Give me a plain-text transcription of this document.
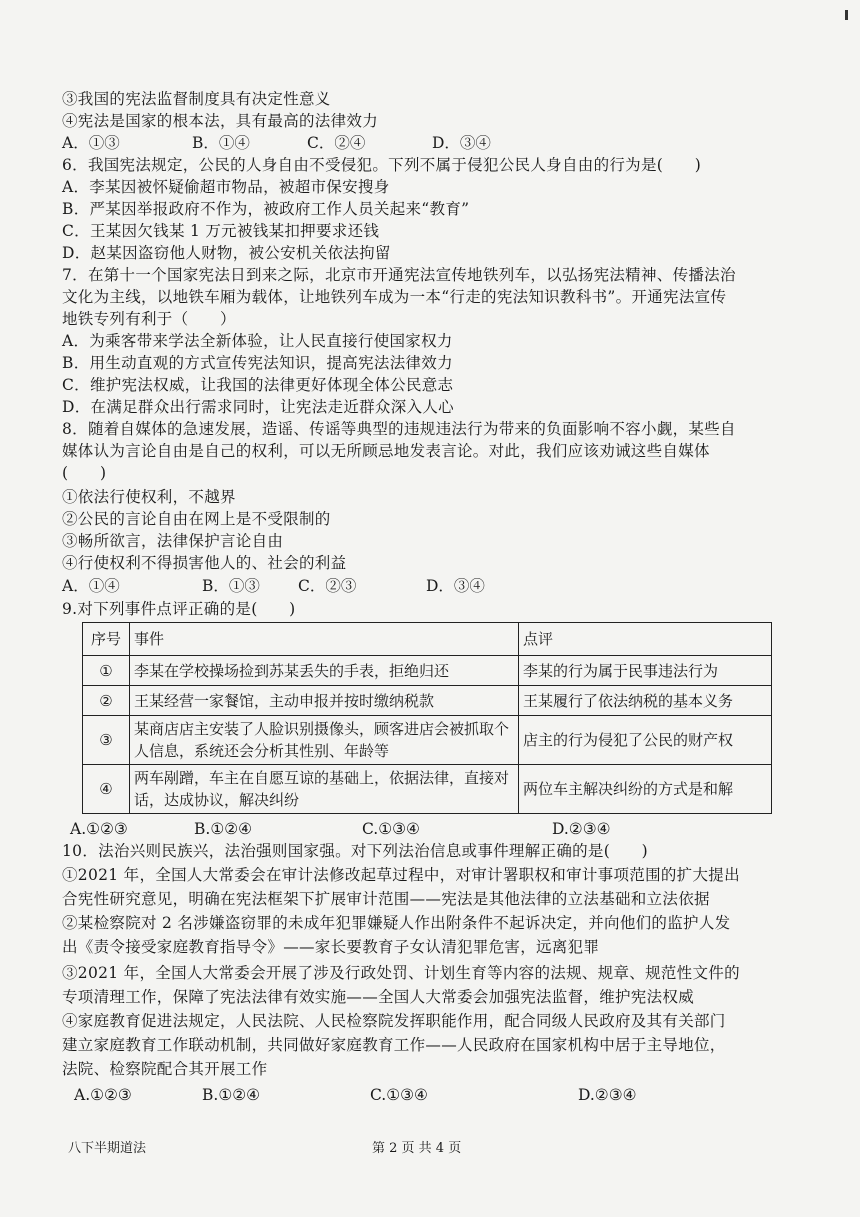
③我国的宪法监督制度具有决定性意义
④宪法是国家的根本法，具有最高的法律效力
A．①③	B．①④	C．②④	D．③④
6．我国宪法规定，公民的人身自由不受侵犯。下列不属于侵犯公民人身自由的行为是(　　)
A．李某因被怀疑偷超市物品，被超市保安搜身
B．严某因举报政府不作为，被政府工作人员关起来“教育”
C．王某因欠钱某 1 万元被钱某扣押要求还钱
D．赵某因盗窃他人财物，被公安机关依法拘留
7．在第十一个国家宪法日到来之际，北京市开通宪法宣传地铁列车，以弘扬宪法精神、传播法治
文化为主线，以地铁车厢为载体，让地铁列车成为一本“行走的宪法知识教科书”。开通宪法宣传
地铁专列有利于（　　）
A．为乘客带来学法全新体验，让人民直接行使国家权力
B．用生动直观的方式宣传宪法知识，提高宪法法律效力
C．维护宪法权威，让我国的法律更好体现全体公民意志
D．在满足群众出行需求同时，让宪法走近群众深入人心
8．随着自媒体的急速发展，造谣、传谣等典型的违规违法行为带来的负面影响不容小觑，某些自
媒体认为言论自由是自己的权利，可以无所顾忌地发表言论。对此，我们应该劝诫这些自媒体
(　　)
①依法行使权利，不越界
②公民的言论自由在网上是不受限制的
③畅所欲言，法律保护言论自由
④行使权利不得损害他人的、社会的利益
A．①④	B．①③ C．②③	D．③④
9.对下列事件点评正确的是(　　)
序号	事件	点评
①	李某在学校操场捡到苏某丢失的手表，拒绝归还	李某的行为属于民事违法行为
②	王某经营一家餐馆，主动申报并按时缴纳税款	王某履行了依法纳税的基本义务
③	某商店店主安装了人脸识别摄像头，顾客进店会被抓取个人信息，系统还会分析其性别、年龄等	店主的行为侵犯了公民的财产权
④	两车剐蹭，车主在自愿互谅的基础上，依据法律，直接对话，达成协议，解决纠纷	两位车主解决纠纷的方式是和解
A.①②③	B.①②④	C.①③④	D.②③④
10．法治兴则民族兴，法治强则国家强。对下列法治信息或事件理解正确的是(　　)
①2021 年，全国人大常委会在审计法修改起草过程中，对审计署职权和审计事项范围的扩大提出
合宪性研究意见，明确在宪法框架下扩展审计范围——宪法是其他法律的立法基础和立法依据
②某检察院对 2 名涉嫌盗窃罪的未成年犯罪嫌疑人作出附条件不起诉决定，并向他们的监护人发
出《责令接受家庭教育指导令》——家长要教育子女认清犯罪危害，远离犯罪
③2021 年，全国人大常委会开展了涉及行政处罚、计划生育等内容的法规、规章、规范性文件的
专项清理工作，保障了宪法法律有效实施——全国人大常委会加强宪法监督，维护宪法权威
④家庭教育促进法规定，人民法院、人民检察院发挥职能作用，配合同级人民政府及其有关部门
建立家庭教育工作联动机制，共同做好家庭教育工作——人民政府在国家机构中居于主导地位，
法院、检察院配合其开展工作
A.①②③	B.①②④	C.①③④	D.②③④
八下半期道法	第 2 页 共 4 页
